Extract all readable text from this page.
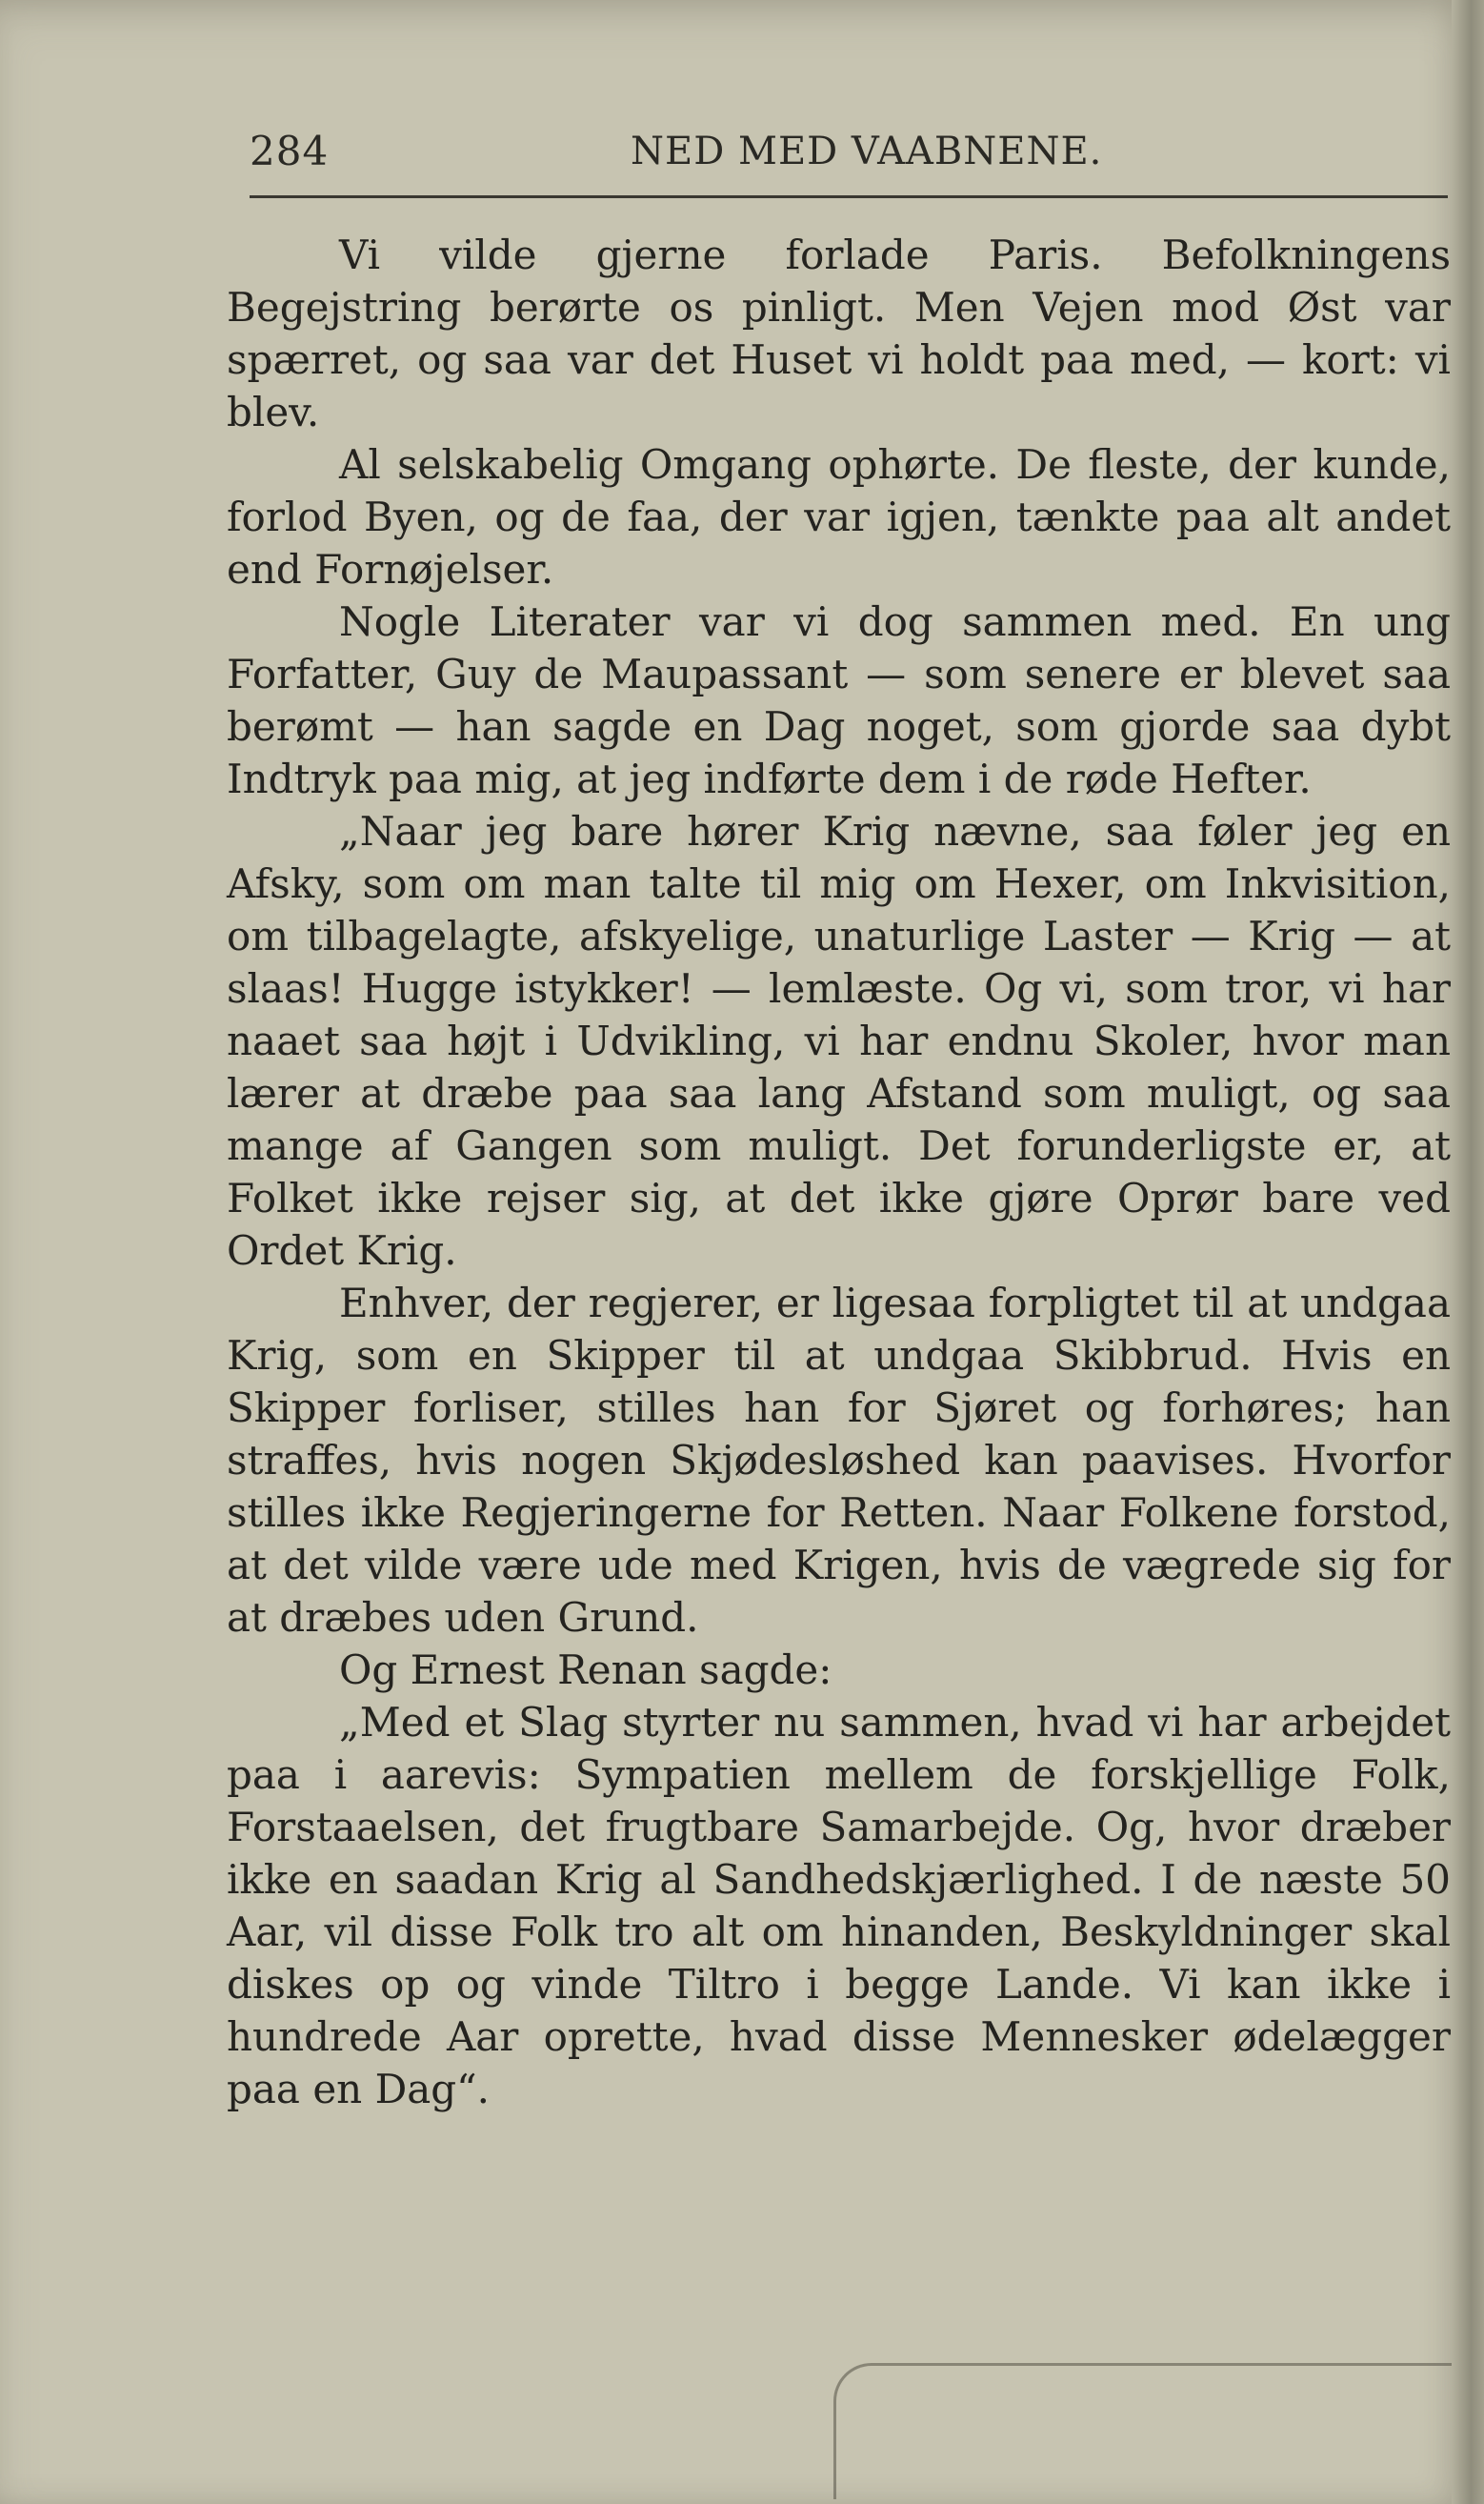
284	NED MED VAABNENE.

Vi vilde gjerne forlade Paris. Befolkningens Begejstring berørte os pinligt. Men Vejen mod Øst var spærret, og saa var det Huset vi holdt paa med, — kort: vi blev.

Al selskabelig Omgang ophørte. De fleste, der kunde, forlod Byen, og de faa, der var igjen, tænkte paa alt andet end Fornøjelser.

Nogle Literater var vi dog sammen med. En ung Forfatter, Guy de Maupassant — som senere er blevet saa berømt — han sagde en Dag noget, som gjorde saa dybt Indtryk paa mig, at jeg indførte dem i de røde Hefter.

„Naar jeg bare hører Krig nævne, saa føler jeg en Afsky, som om man talte til mig om Hexer, om Inkvisition, om tilbagelagte, afskyelige, unaturlige Laster — Krig — at slaas! Hugge istykker! — lemlæste. Og vi, som tror, vi har naaet saa højt i Udvikling, vi har endnu Skoler, hvor man lærer at dræbe paa saa lang Afstand som muligt, og saa mange af Gangen som muligt. Det forunderligste er, at Folket ikke rejser sig, at det ikke gjøre Oprør bare ved Ordet Krig.

Enhver, der regjerer, er ligesaa forpligtet til at undgaa Krig, som en Skipper til at undgaa Skibbrud. Hvis en Skipper forliser, stilles han for Sjøret og forhøres; han straffes, hvis nogen Skjødesløshed kan paavises. Hvorfor stilles ikke Regjeringerne for Retten. Naar Folkene forstod, at det vilde være ude med Krigen, hvis de vægrede sig for at dræbes uden Grund.

Og Ernest Renan sagde:

„Med et Slag styrter nu sammen, hvad vi har arbejdet paa i aarevis: Sympatien mellem de forskjellige Folk, Forstaaelsen, det frugtbare Samarbejde. Og, hvor dræber ikke en saadan Krig al Sandhedskjærlighed. I de næste 50 Aar, vil disse Folk tro alt om hinanden, Beskyldninger skal diskes op og vinde Tiltro i begge Lande. Vi kan ikke i hundrede Aar oprette, hvad disse Mennesker ødelægger paa en Dag“.
